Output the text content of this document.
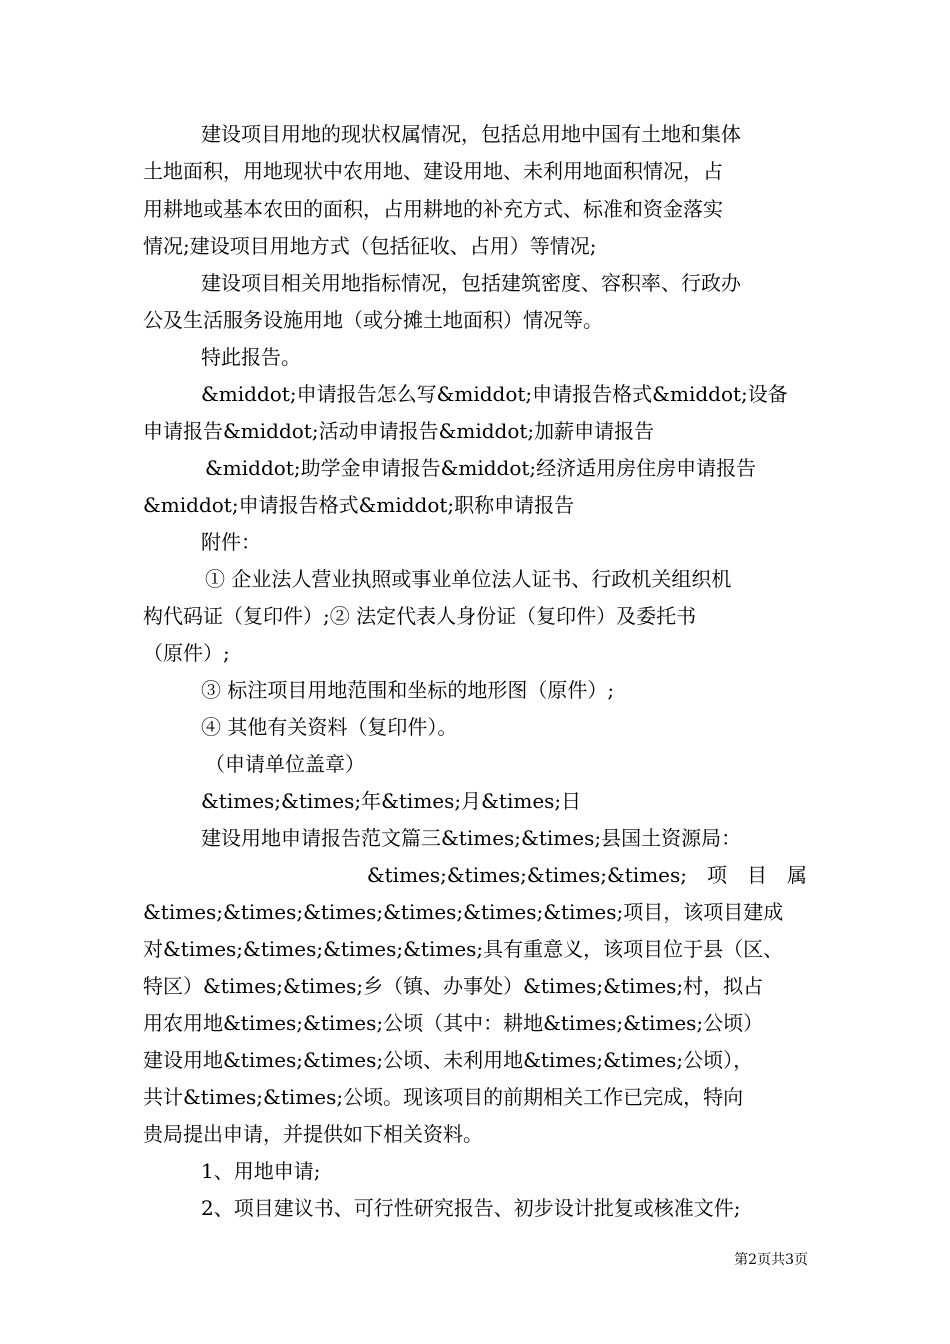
建设项目用地的现状权属情况，包括总用地中国有土地和集体
土地面积，用地现状中农用地、建设用地、未利用地面积情况，占
用耕地或基本农田的面积，占用耕地的补充方式、标准和资金落实
情况;建设项目用地方式（包括征收、占用）等情况;
建设项目相关用地指标情况，包括建筑密度、容积率、行政办
公及生活服务设施用地（或分摊土地面积）情况等。
特此报告。
&middot;申请报告怎么写&middot;申请报告格式&middot;设备
申请报告&middot;活动申请报告&middot;加薪申请报告
&middot;助学金申请报告&middot;经济适用房住房申请报告
&middot;申请报告格式&middot;职称申请报告
附件：
① 企业法人营业执照或事业单位法人证书、行政机关组织机
构代码证（复印件）;② 法定代表人身份证（复印件）及委托书
（原件）;
③ 标注项目用地范围和坐标的地形图（原件）;
④ 其他有关资料（复印件）。
（申请单位盖章）
&times;&times;年&times;月&times;日
建设用地申请报告范文篇三&times;&times;县国土资源局：
&times;&times;&times;&times;　项　目　属
&times;&times;&times;&times;&times;&times;项目，该项目建成
对&times;&times;&times;&times;具有重意义，该项目位于县（区、
特区）&times;&times;乡（镇、办事处）&times;&times;村，拟占
用农用地&times;&times;公顷（其中：耕地&times;&times;公顷）
建设用地&times;&times;公顷、未利用地&times;&times;公顷），
共计&times;&times;公顷。现该项目的前期相关工作已完成，特向
贵局提出申请，并提供如下相关资料。
1、用地申请;
2、项目建议书、可行性研究报告、初步设计批复或核准文件;
第2页共3页
